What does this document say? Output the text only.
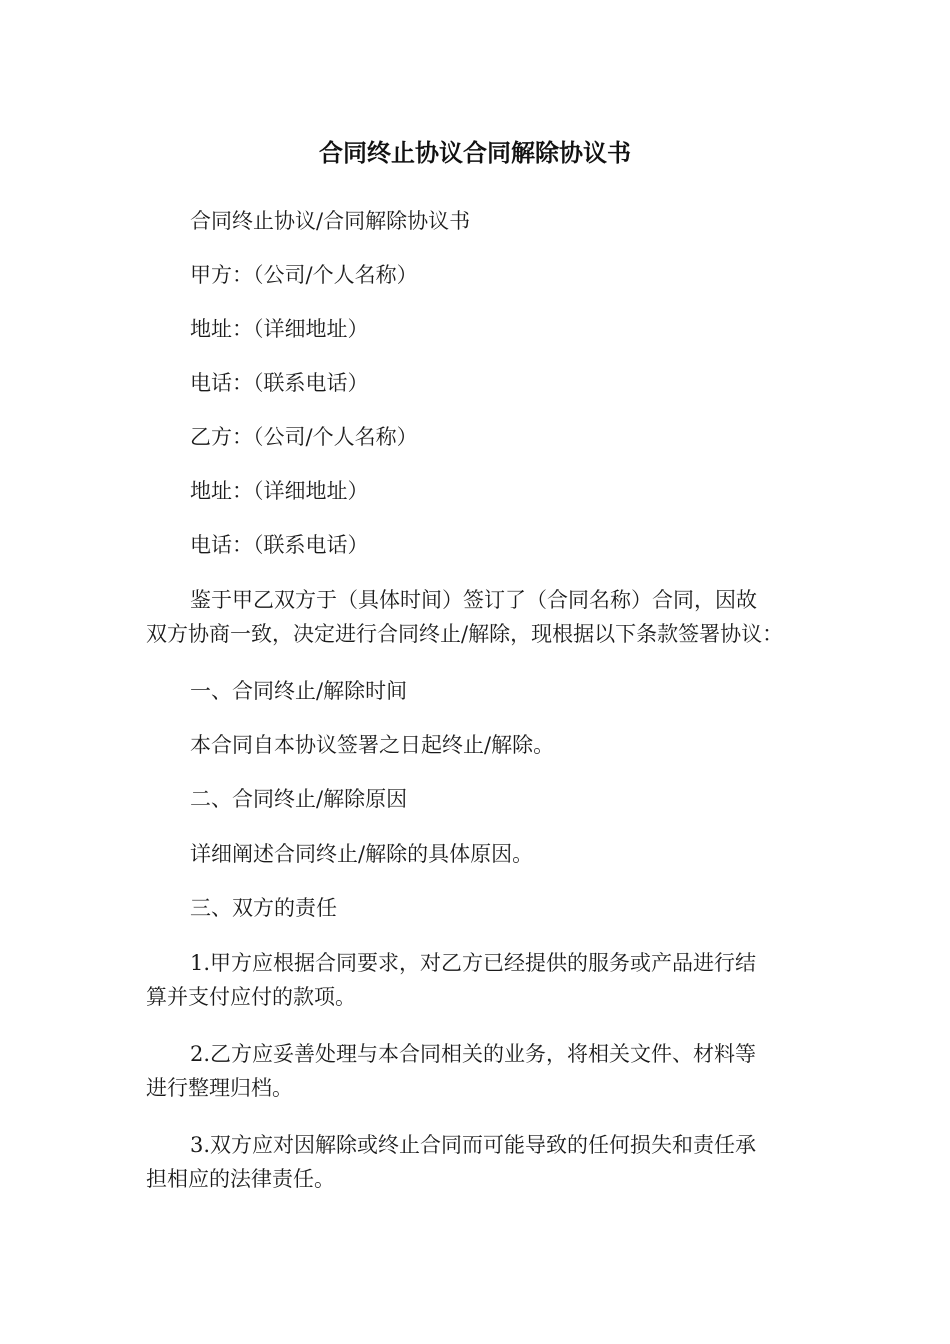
合同终止协议合同解除协议书

合同终止协议/合同解除协议书

甲方：（公司/个人名称）

地址：（详细地址）

电话：（联系电话）

乙方：（公司/个人名称）

地址：（详细地址）

电话：（联系电话）

鉴于甲乙双方于（具体时间）签订了（合同名称）合同，因故
双方协商一致，决定进行合同终止/解除，现根据以下条款签署协议：

一、合同终止/解除时间

本合同自本协议签署之日起终止/解除。

二、合同终止/解除原因

详细阐述合同终止/解除的具体原因。

三、双方的责任

1.甲方应根据合同要求，对乙方已经提供的服务或产品进行结
算并支付应付的款项。
2.乙方应妥善处理与本合同相关的业务，将相关文件、材料等
进行整理归档。
3.双方应对因解除或终止合同而可能导致的任何损失和责任承
担相应的法律责任。
